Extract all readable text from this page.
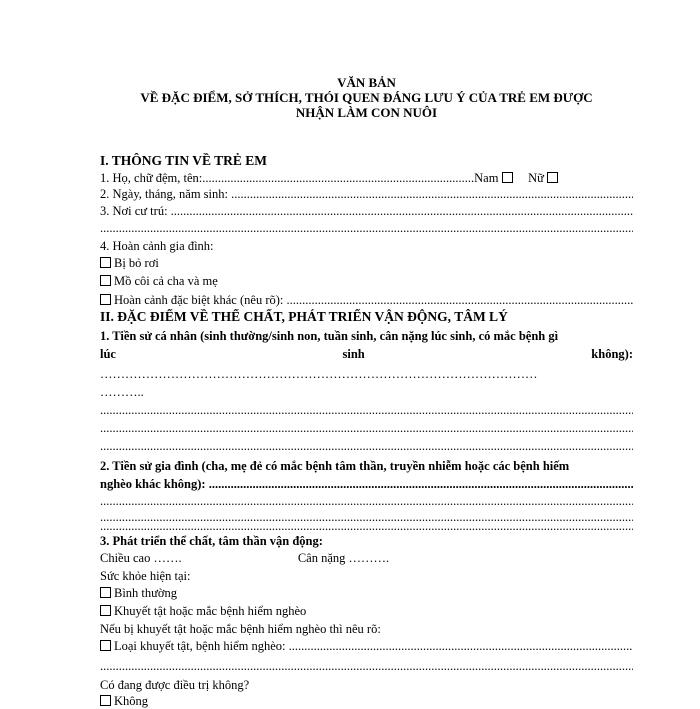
VĂN BẢN
VỀ ĐẶC ĐIỂM, SỞ THÍCH, THÓI QUEN ĐÁNG LƯU Ý CỦA TRẺ EM ĐƯỢC
NHẬN LÀM CON NUÔI
I. THÔNG TIN VỀ TRẺ EM
1. Họ, chữ đệm, tên:.......................................................................................Nam Nữ
2. Ngày, tháng, năm sinh: .....
3. Nơi cư trú: .....
.....
4. Hoàn cảnh gia đình:
Bị bỏ rơi
Mồ côi cả cha và mẹ
Hoàn cảnh đặc biệt khác (nêu rõ): .....
II. ĐẶC ĐIỂM VỀ THỂ CHẤT, PHÁT TRIỂN VẬN ĐỘNG, TÂM LÝ
1. Tiền sử cá nhân (sinh thường/sinh non, tuần sinh, cân nặng lúc sinh, có mắc bệnh gì
lúc	sinh	không):
……………………………………………………………………………………………
………..
.....
.....
.....
2. Tiền sử gia đình (cha, mẹ đẻ có mắc bệnh tâm thần, truyền nhiễm hoặc các bệnh hiếm
nghèo khác không): .....
.....
.....
.....
3. Phát triển thể chất, tâm thần vận động:
Chiều cao …….	Cân nặng ……….
Sức khỏe hiện tại:
Bình thường
Khuyết tật hoặc mắc bệnh hiểm nghèo
Nếu bị khuyết tật hoặc mắc bệnh hiểm nghèo thì nêu rõ:
Loại khuyết tật, bệnh hiểm nghèo: .....
.....
Có đang được điều trị không?
Không
